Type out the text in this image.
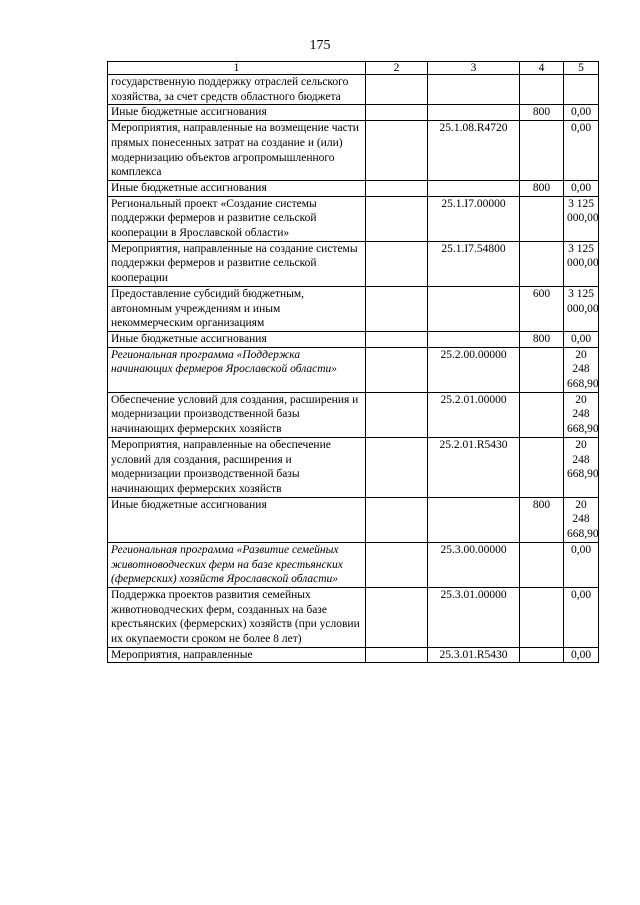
175
1	2	3	4	5
государственную поддержку отраслей сельского хозяйства, за счет средств областного бюджета				
Иные бюджетные ассигнования			800	0,00
Мероприятия, направленные на возмещение части прямых понесенных затрат на создание и (или) модернизацию объектов агропромышленного комплекса		25.1.08.R4720		0,00
Иные бюджетные ассигнования			800	0,00
Региональный проект «Создание системы поддержки фермеров и развитие сельской кооперации в Ярославской области»		25.1.I7.00000		3 125 000,00
Мероприятия, направленные на создание системы поддержки фермеров и развитие сельской кооперации		25.1.I7.54800		3 125 000,00
Предоставление субсидий бюджетным, автономным учреждениям и иным некоммерческим организациям			600	3 125 000,00
Иные бюджетные ассигнования			800	0,00
Региональная программа «Поддержка начинающих фермеров Ярославской области»		25.2.00.00000		20 248 668,90
Обеспечение условий для создания, расширения и модернизации производственной базы начинающих фермерских хозяйств		25.2.01.00000		20 248 668,90
Мероприятия, направленные на обеспечение условий для создания, расширения и модернизации производственной базы начинающих фермерских хозяйств		25.2.01.R5430		20 248 668,90
Иные бюджетные ассигнования			800	20 248 668,90
Региональная программа «Развитие семейных животноводческих ферм на базе крестьянских (фермерских) хозяйств Ярославской области»		25.3.00.00000		0,00
Поддержка проектов развития семейных животноводческих ферм, созданных на базе крестьянских (фермерских) хозяйств (при условии их окупаемости сроком не более 8 лет)		25.3.01.00000		0,00
Мероприятия, направленные		25.3.01.R5430		0,00
